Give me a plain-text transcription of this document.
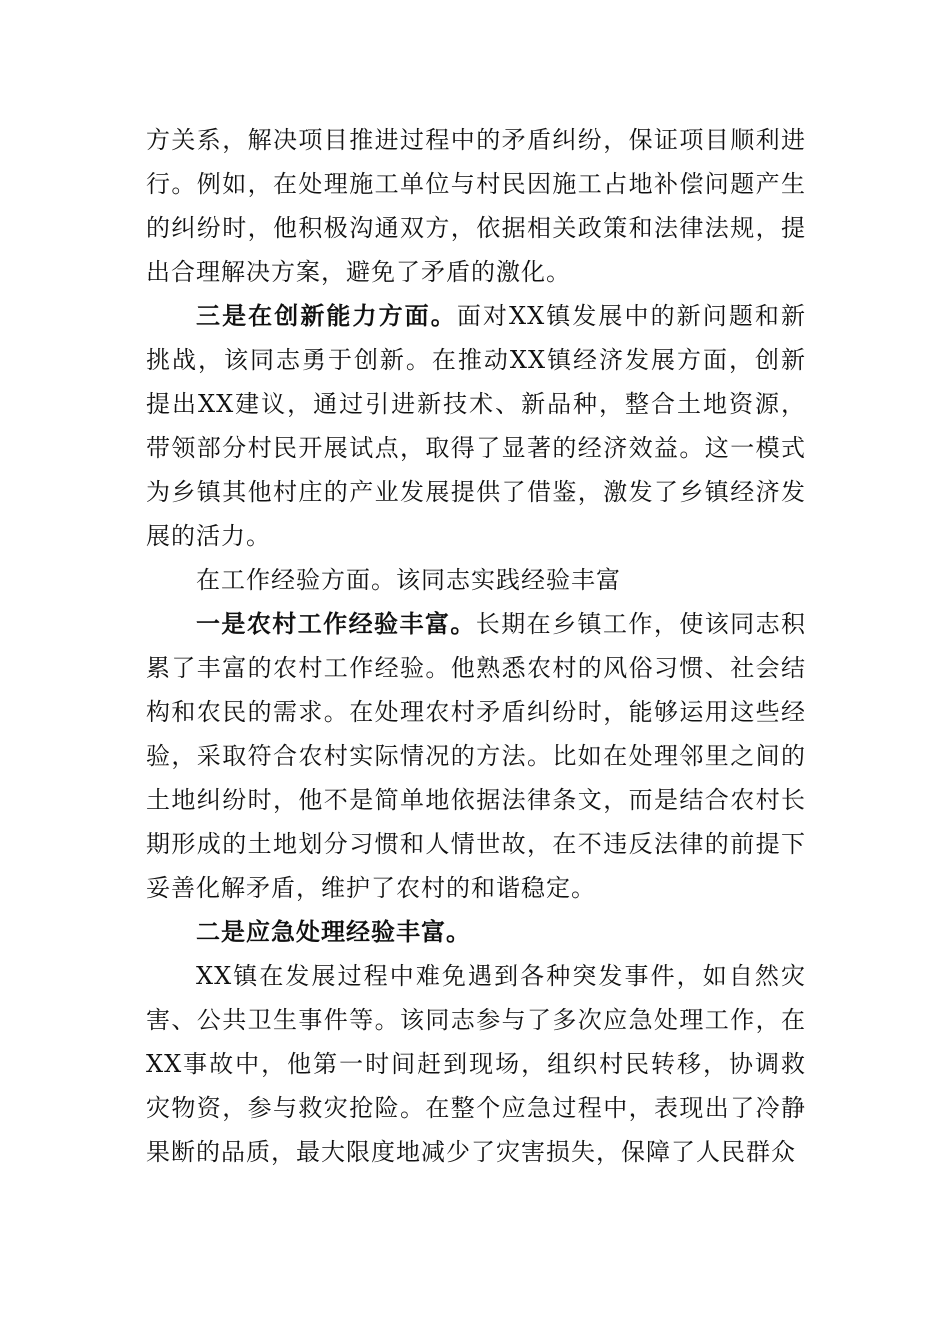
方关系，解决项目推进过程中的矛盾纠纷，保证项目顺利进行。例如，在处理施工单位与村民因施工占地补偿问题产生的纠纷时，他积极沟通双方，依据相关政策和法律法规，提出合理解决方案，避免了矛盾的激化。

三是在创新能力方面。面对XX镇发展中的新问题和新挑战，该同志勇于创新。在推动XX镇经济发展方面，创新提出XX建议，通过引进新技术、新品种，整合土地资源，带领部分村民开展试点，取得了显著的经济效益。这一模式为乡镇其他村庄的产业发展提供了借鉴，激发了乡镇经济发展的活力。

在工作经验方面。该同志实践经验丰富

一是农村工作经验丰富。长期在乡镇工作，使该同志积累了丰富的农村工作经验。他熟悉农村的风俗习惯、社会结构和农民的需求。在处理农村矛盾纠纷时，能够运用这些经验，采取符合农村实际情况的方法。比如在处理邻里之间的土地纠纷时，他不是简单地依据法律条文，而是结合农村长期形成的土地划分习惯和人情世故，在不违反法律的前提下妥善化解矛盾，维护了农村的和谐稳定。

二是应急处理经验丰富。

XX镇在发展过程中难免遇到各种突发事件，如自然灾害、公共卫生事件等。该同志参与了多次应急处理工作，在XX事故中，他第一时间赶到现场，组织村民转移，协调救灾物资，参与救灾抢险。在整个应急过程中，表现出了冷静果断的品质，最大限度地减少了灾害损失，保障了人民群众
